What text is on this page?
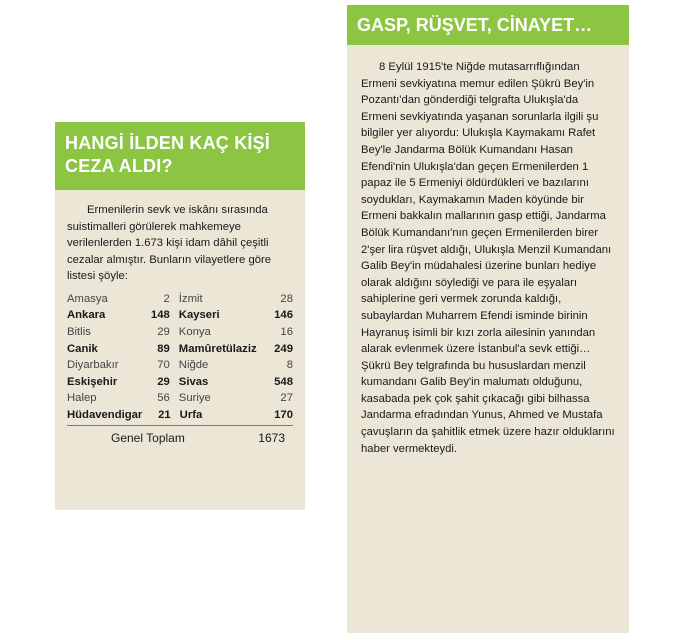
HANGİ İLDEN KAÇ KİŞİ
CEZA ALDI?
Ermenilerin sevk ve iskânı sırasında suistimalleri görülerek mahkemeye verilenlerden 1.673 kişi idam dâhil çeşitli cezalar almıştır. Bunların vilayetlere göre listesi şöyle:
Amasya	2 İzmit	28
Ankara	148 Kayseri	146
Bitlis	29 Konya	16
Canik	89 Mamûretülaziz	249
Diyarbakır	70 Niğde	8
Eskişehir	29 Sivas	548
Halep	56 Suriye	27
Hüdavendigar	21 Urfa	170
Genel Toplam	1673
GASP, RÜŞVET, CİNAYET…
8 Eylül 1915'te Niğde mutasarrıflığından Ermeni sevkiyatına memur edilen Şükrü Bey'in Pozantı'dan gönderdiği telgrafta Ulukışla'da Ermeni sevkiyatında yaşanan sorunlarla ilgili şu bilgiler yer alıyordu: Ulukışla Kaymakamı Rafet Bey'le Jandarma Bölük Kumandanı Hasan Efendi'nin Ulukışla'dan geçen Ermenilerden 1 papaz ile 5 Ermeniyi öldürdükleri ve bazılarını soydukları, Kaymakamın Maden köyünde bir Ermeni bakkalın mallarının gasp ettiği, Jandarma Bölük Kumandanı'nın geçen Ermenilerden birer 2'şer lira rüşvet aldığı, Ulukışla Menzil Kumandanı Galib Bey'in müdahalesi üzerine bunları hediye olarak aldığını söylediği ve para ile eşyaları sahiplerine geri vermek zorunda kaldığı, subaylardan Muharrem Efendi isminde birinin Hayranuş isimli bir kızı zorla ailesinin yanından alarak evlenmek üzere İstanbul'a sevk ettiği… Şükrü Bey telgrafında bu hususlardan menzil kumandanı Galib Bey'in malumatı olduğunu, kasabada pek çok şahit çıkacağı gibi bilhassa Jandarma efradından Yunus, Ahmed ve Mustafa çavuşların da şahitlik etmek üzere hazır olduklarını haber vermekteydi.
